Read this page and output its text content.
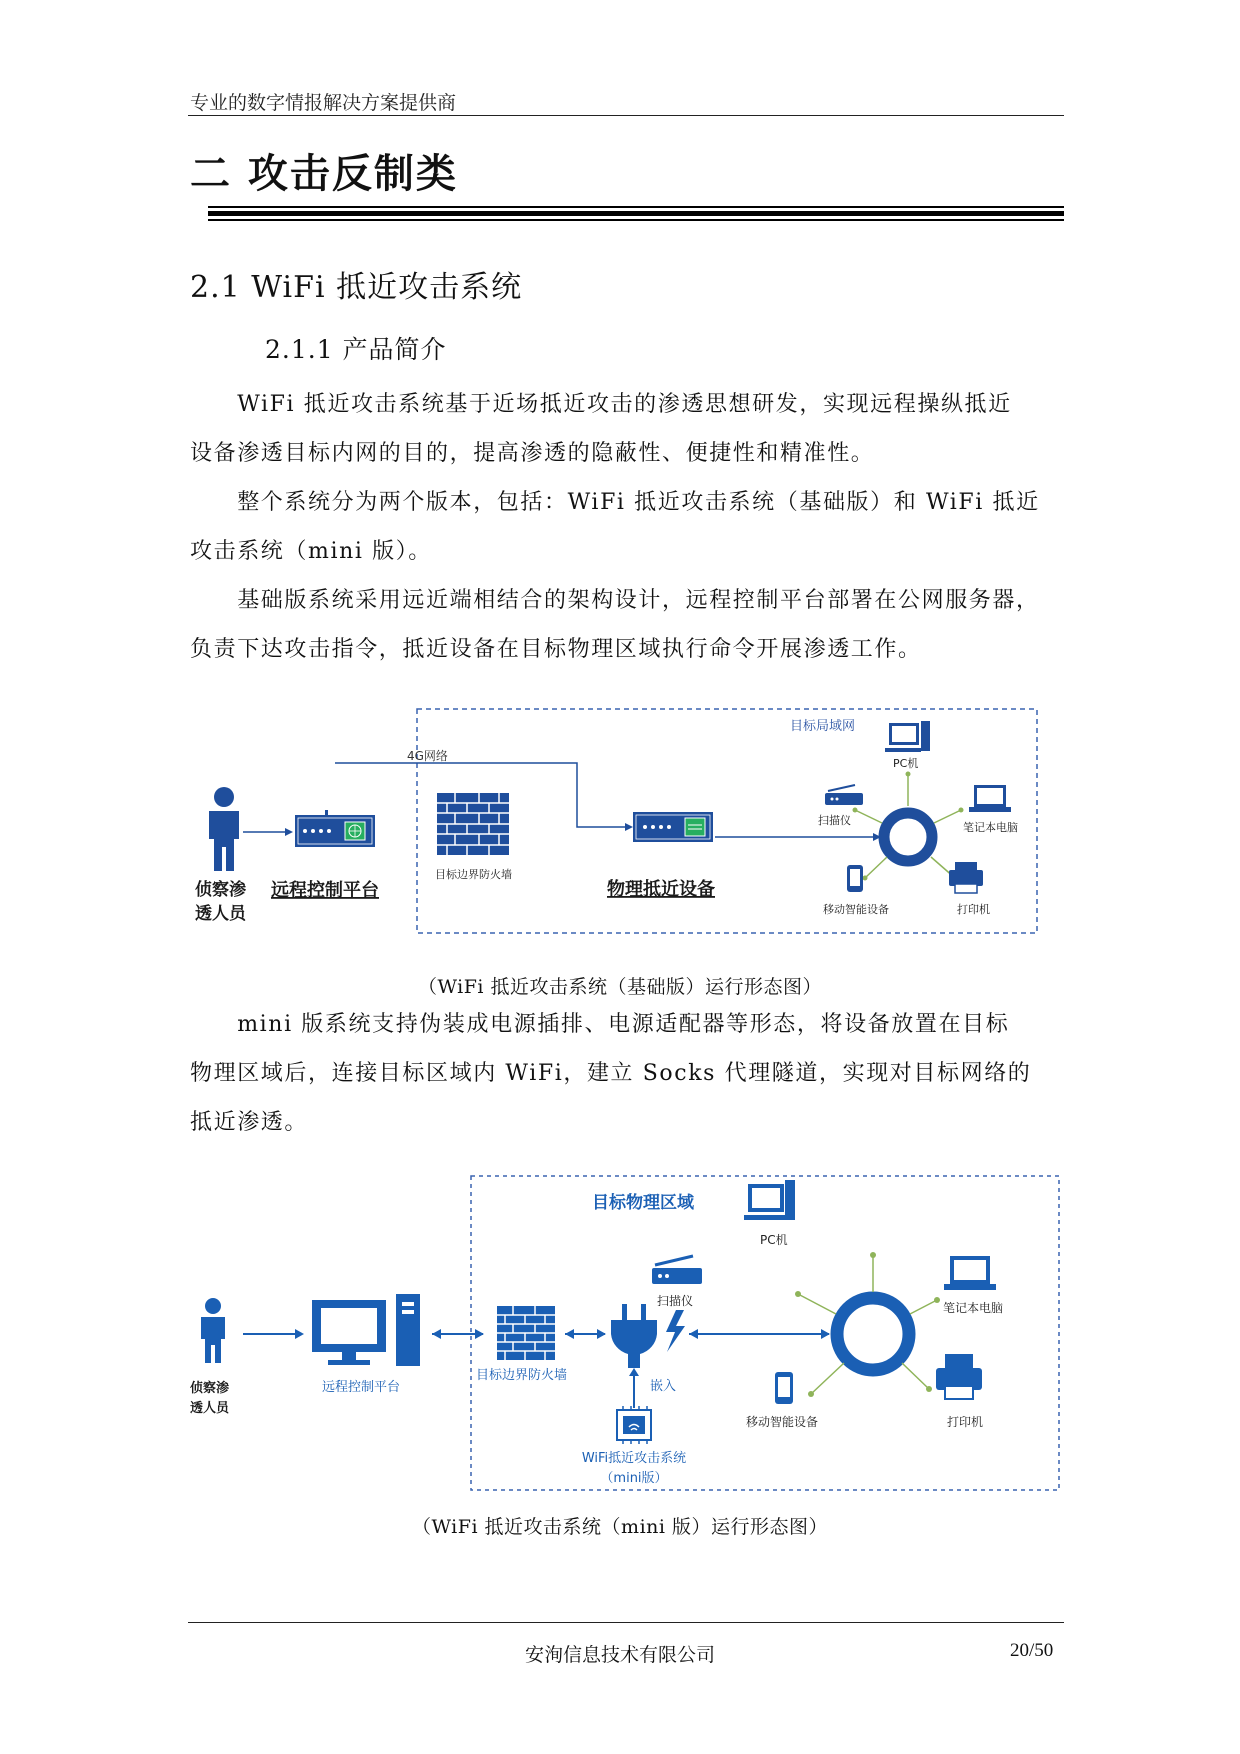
专业的数字情报解决方案提供商
二 攻击反制类
2.1 WiFi 抵近攻击系统
2.1.1 产品简介
　　WiFi 抵近攻击系统基于近场抵近攻击的渗透思想研发，实现远程操纵抵近
设备渗透目标内网的目的，提高渗透的隐蔽性、便捷性和精准性。
　　整个系统分为两个版本，包括：WiFi 抵近攻击系统（基础版）和 WiFi 抵近
攻击系统（mini 版）。
　　基础版系统采用远近端相结合的架构设计，远程控制平台部署在公网服务器，
负责下达攻击指令，抵近设备在目标物理区域执行命令开展渗透工作。
目标局域网
4G网络
侦察渗
透人员
远程控制平台
目标边界防火墙
物理抵近设备
PC机
扫描仪
笔记本电脑
移动智能设备	打印机
（WiFi 抵近攻击系统（基础版）运行形态图）
　　mini 版系统支持伪装成电源插排、电源适配器等形态，将设备放置在目标
物理区域后，连接目标区域内 WiFi，建立 Socks 代理隧道，实现对目标网络的
抵近渗透。
目标物理区域
侦察渗
透人员
远程控制平台
目标边界防火墙
嵌入
WiFi抵近攻击系统
（mini版）
PC机
扫描仪	笔记本电脑
移动智能设备	打印机
（WiFi 抵近攻击系统（mini 版）运行形态图）
安洵信息技术有限公司	20/50
